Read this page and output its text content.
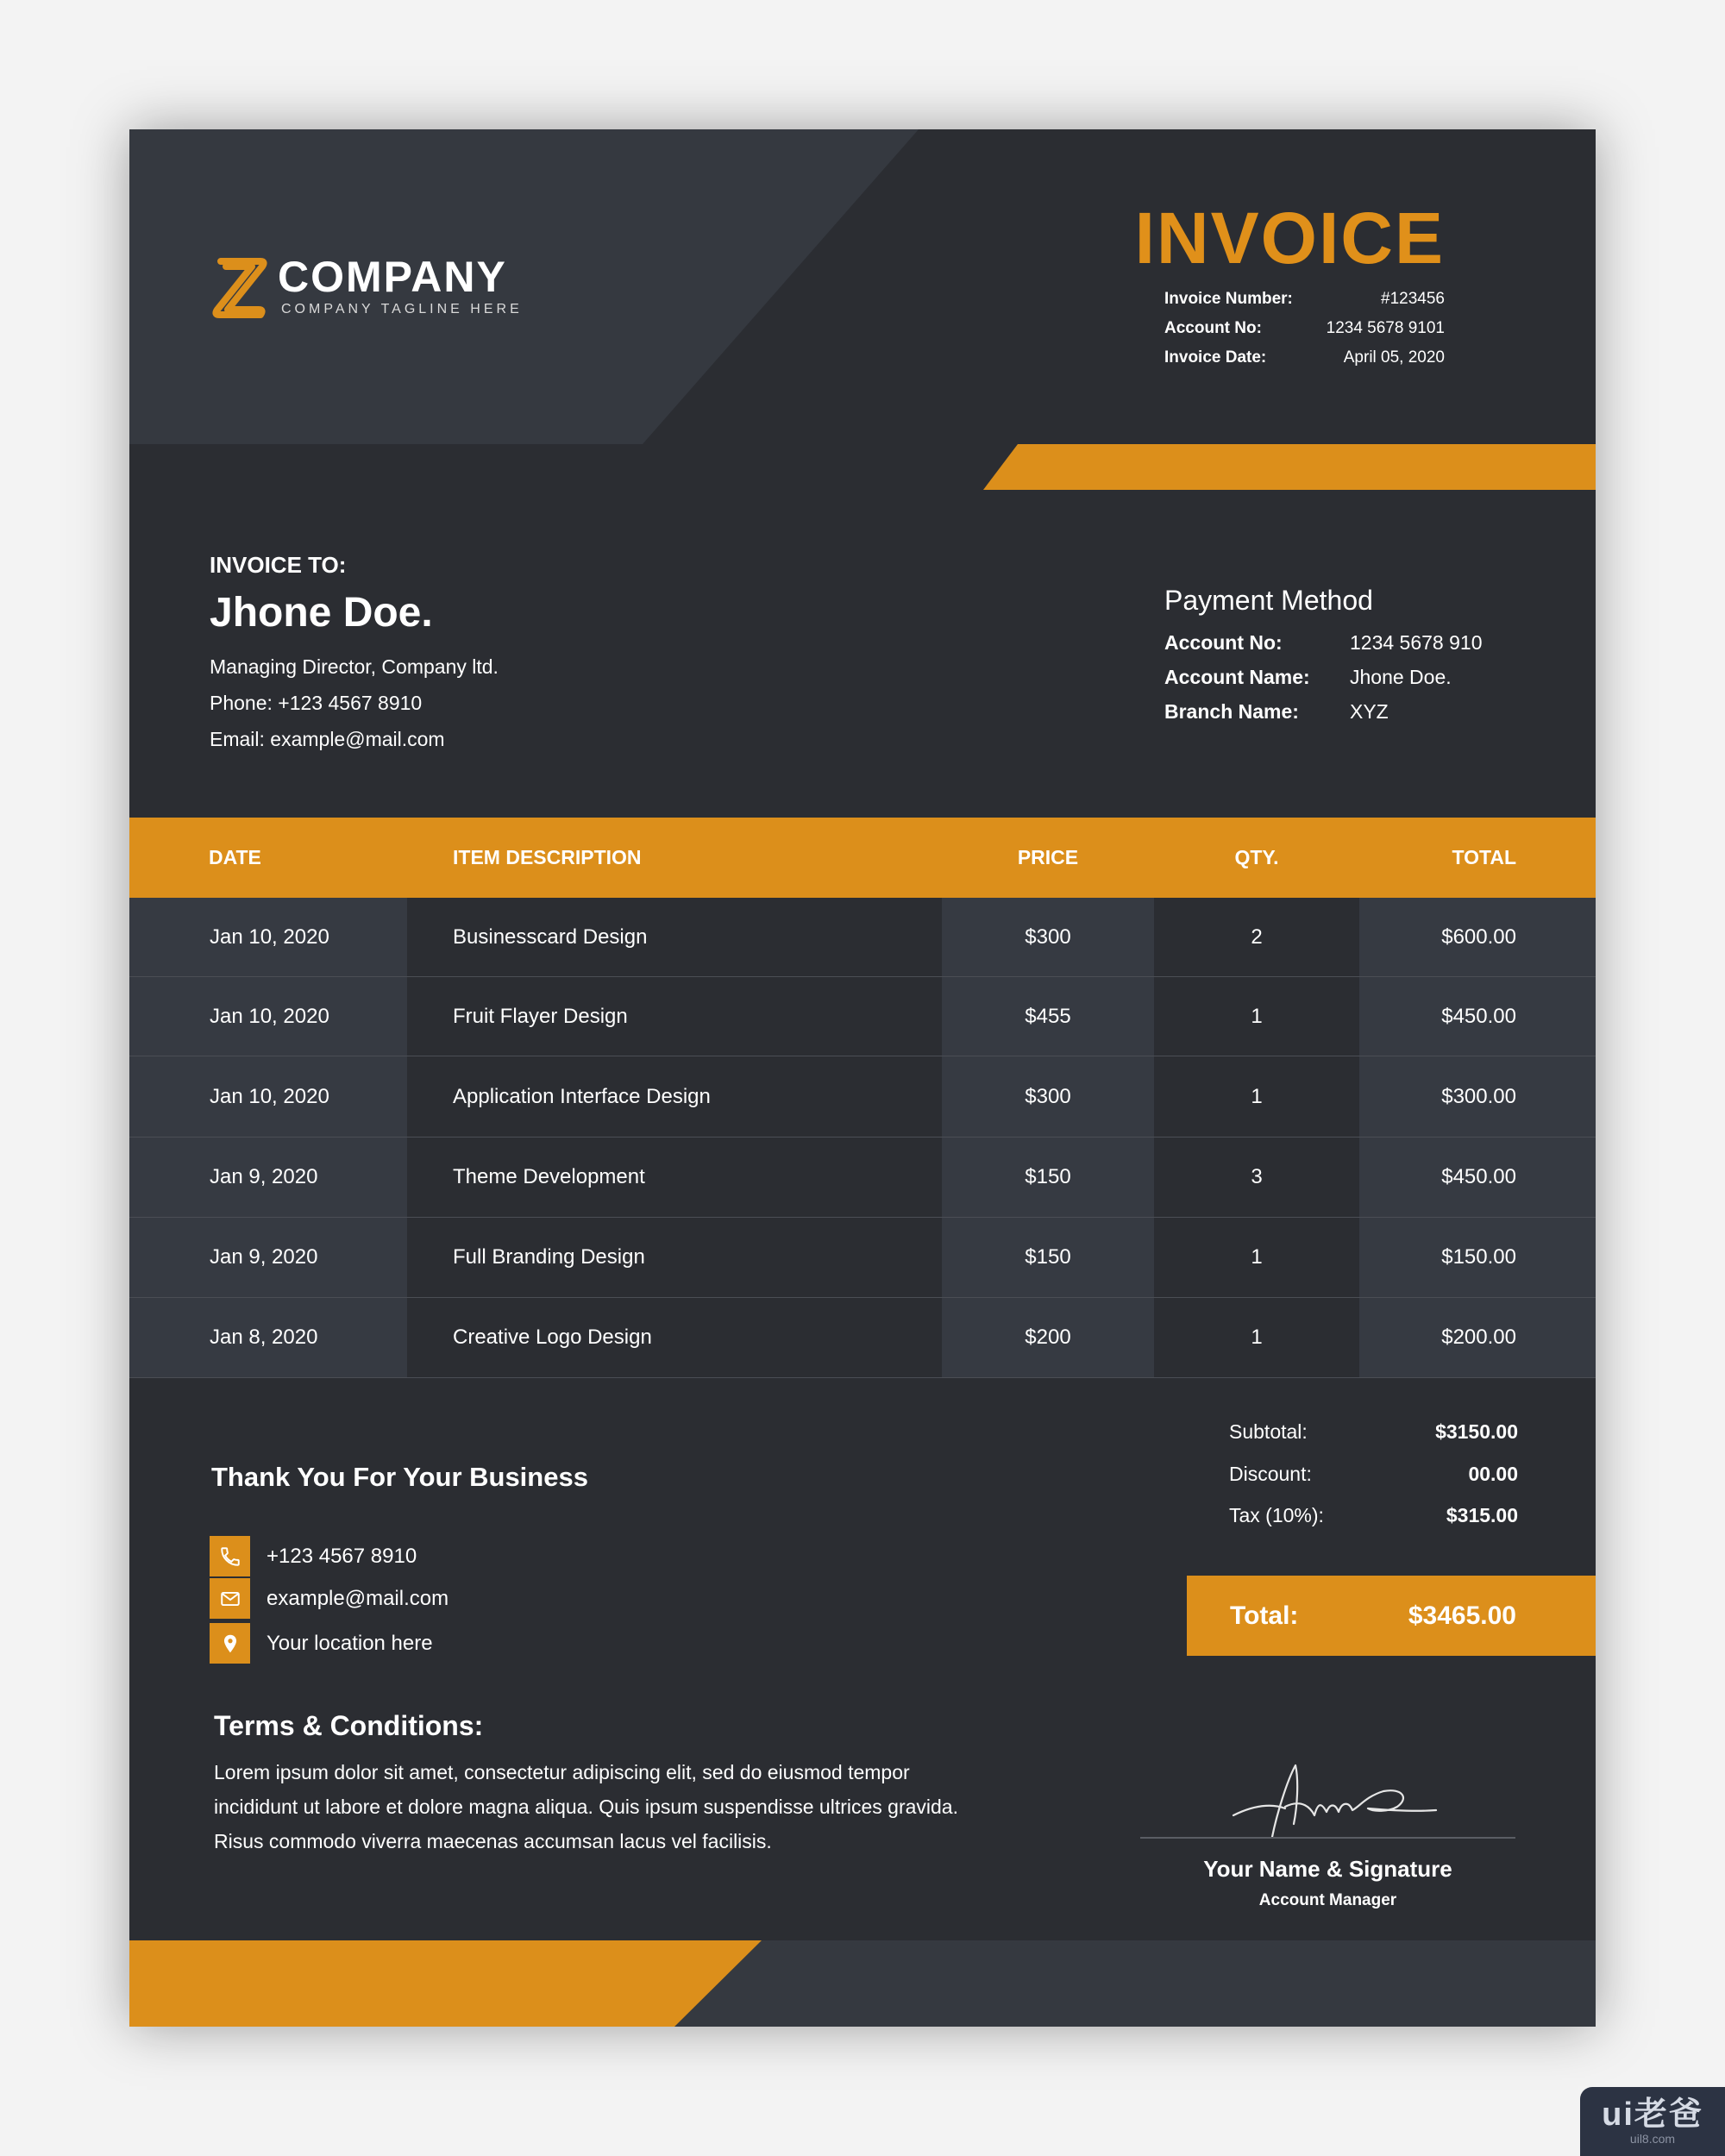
COMPANY
COMPANY TAGLINE HERE
INVOICE
Invoice Number:	#123456
Account No:	1234 5678 9101
Invoice Date:	April 05, 2020
INVOICE TO:
Jhone Doe.
Managing Director, Company ltd.
Phone: +123 4567 8910
Email: example@mail.com
Payment Method
Account No:	1234 5678 910
Account Name:	Jhone Doe.
Branch Name:	XYZ
DATE	ITEM DESCRIPTION	PRICE	QTY.	TOTAL
Jan 10, 2020	Businesscard Design	$300	2	$600.00
Jan 10, 2020	Fruit Flayer Design	$455	1	$450.00
Jan 10, 2020	Application Interface Design	$300	1	$300.00
Jan 9, 2020	Theme Development	$150	3	$450.00
Jan 9, 2020	Full Branding Design	$150	1	$150.00
Jan 8, 2020	Creative Logo Design	$200	1	$200.00
Thank You For Your Business
+123 4567 8910
example@mail.com
Your location here
Subtotal:	$3150.00
Discount:	00.00
Tax (10%):	$315.00
Total:	$3465.00
Terms & Conditions:
Lorem ipsum dolor sit amet, consectetur adipiscing elit, sed do eiusmod tempor
incididunt ut labore et dolore magna aliqua. Quis ipsum suspendisse ultrices gravida.
Risus commodo viverra maecenas accumsan lacus vel facilisis.
Your Name & Signature
Account Manager
ui老爸
uil8.com
